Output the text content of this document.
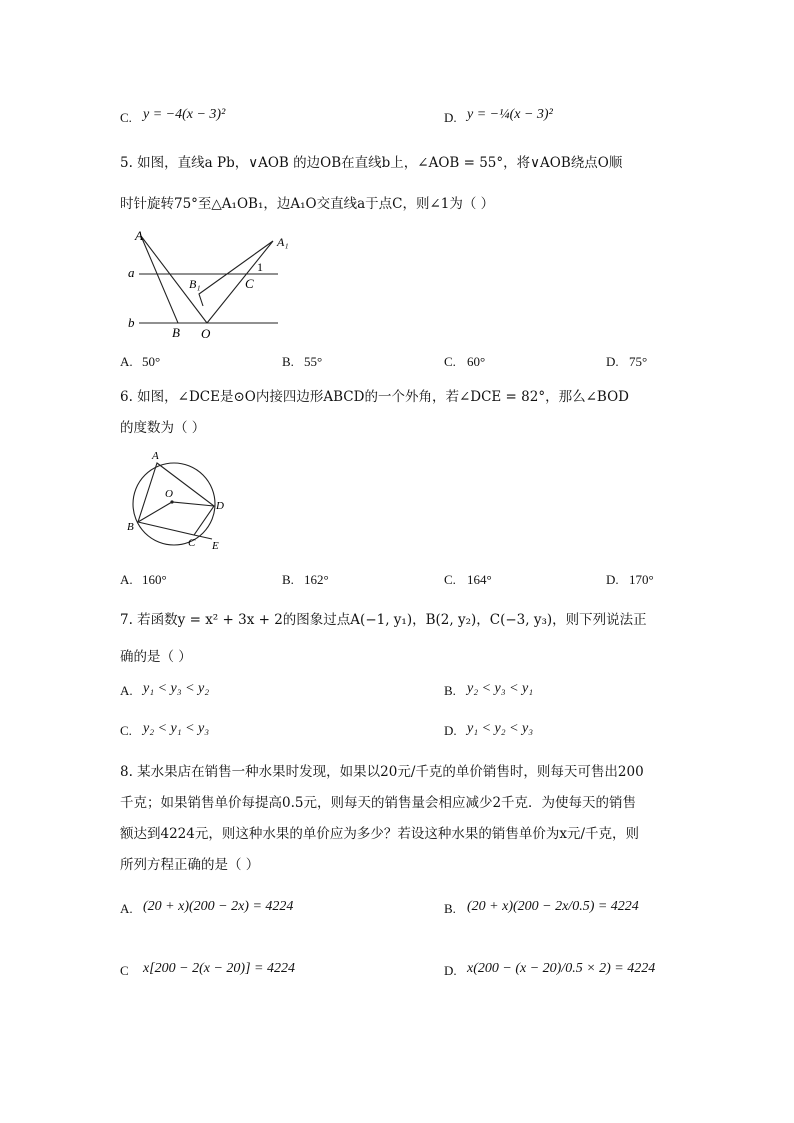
C. y = −4(x − 3)²	D. y = −¼(x − 3)²
5. 如图，直线a Pb，∨AOB 的边OB在直线b上，∠AOB = 55°，将∨AOB绕点O顺
时针旋转75°至△A₁OB₁，边A₁O交直线a于点C，则∠1为（ ）
A	A₁
a
b
B
B₁
O
C
1
A. 50°	B. 55°	C. 60°	D. 75°
6. 如图，∠DCE是⊙O内接四边形ABCD的一个外角，若∠DCE = 82°，那么∠BOD
的度数为（ ）
A
O
D
B
C E
A. 160°	B. 162°	C. 164°	D. 170°
7. 若函数y = x² + 3x + 2的图象过点A(−1, y₁)，B(2, y₂)，C(−3, y₃)，则下列说法正
确的是（ ）
A. y₁ < y₃ < y₂	B. y₂ < y₃ < y₁
C. y₂ < y₁ < y₃	D. y₁ < y₂ < y₃
8. 某水果店在销售一种水果时发现，如果以20元/千克的单价销售时，则每天可售出200
千克；如果销售单价每提高0.5元，则每天的销售量会相应减少2千克．为使每天的销售
额达到4224元，则这种水果的单价应为多少？若设这种水果的销售单价为x元/千克，则
所列方程正确的是（ ）
A. (20 + x)(200 − 2x) = 4224	B. (20 + x)(200 − 2x/0.5) = 4224
C x[200 − 2(x − 20)] = 4224	D. x(200 − (x − 20)/0.5 × 2) = 4224
